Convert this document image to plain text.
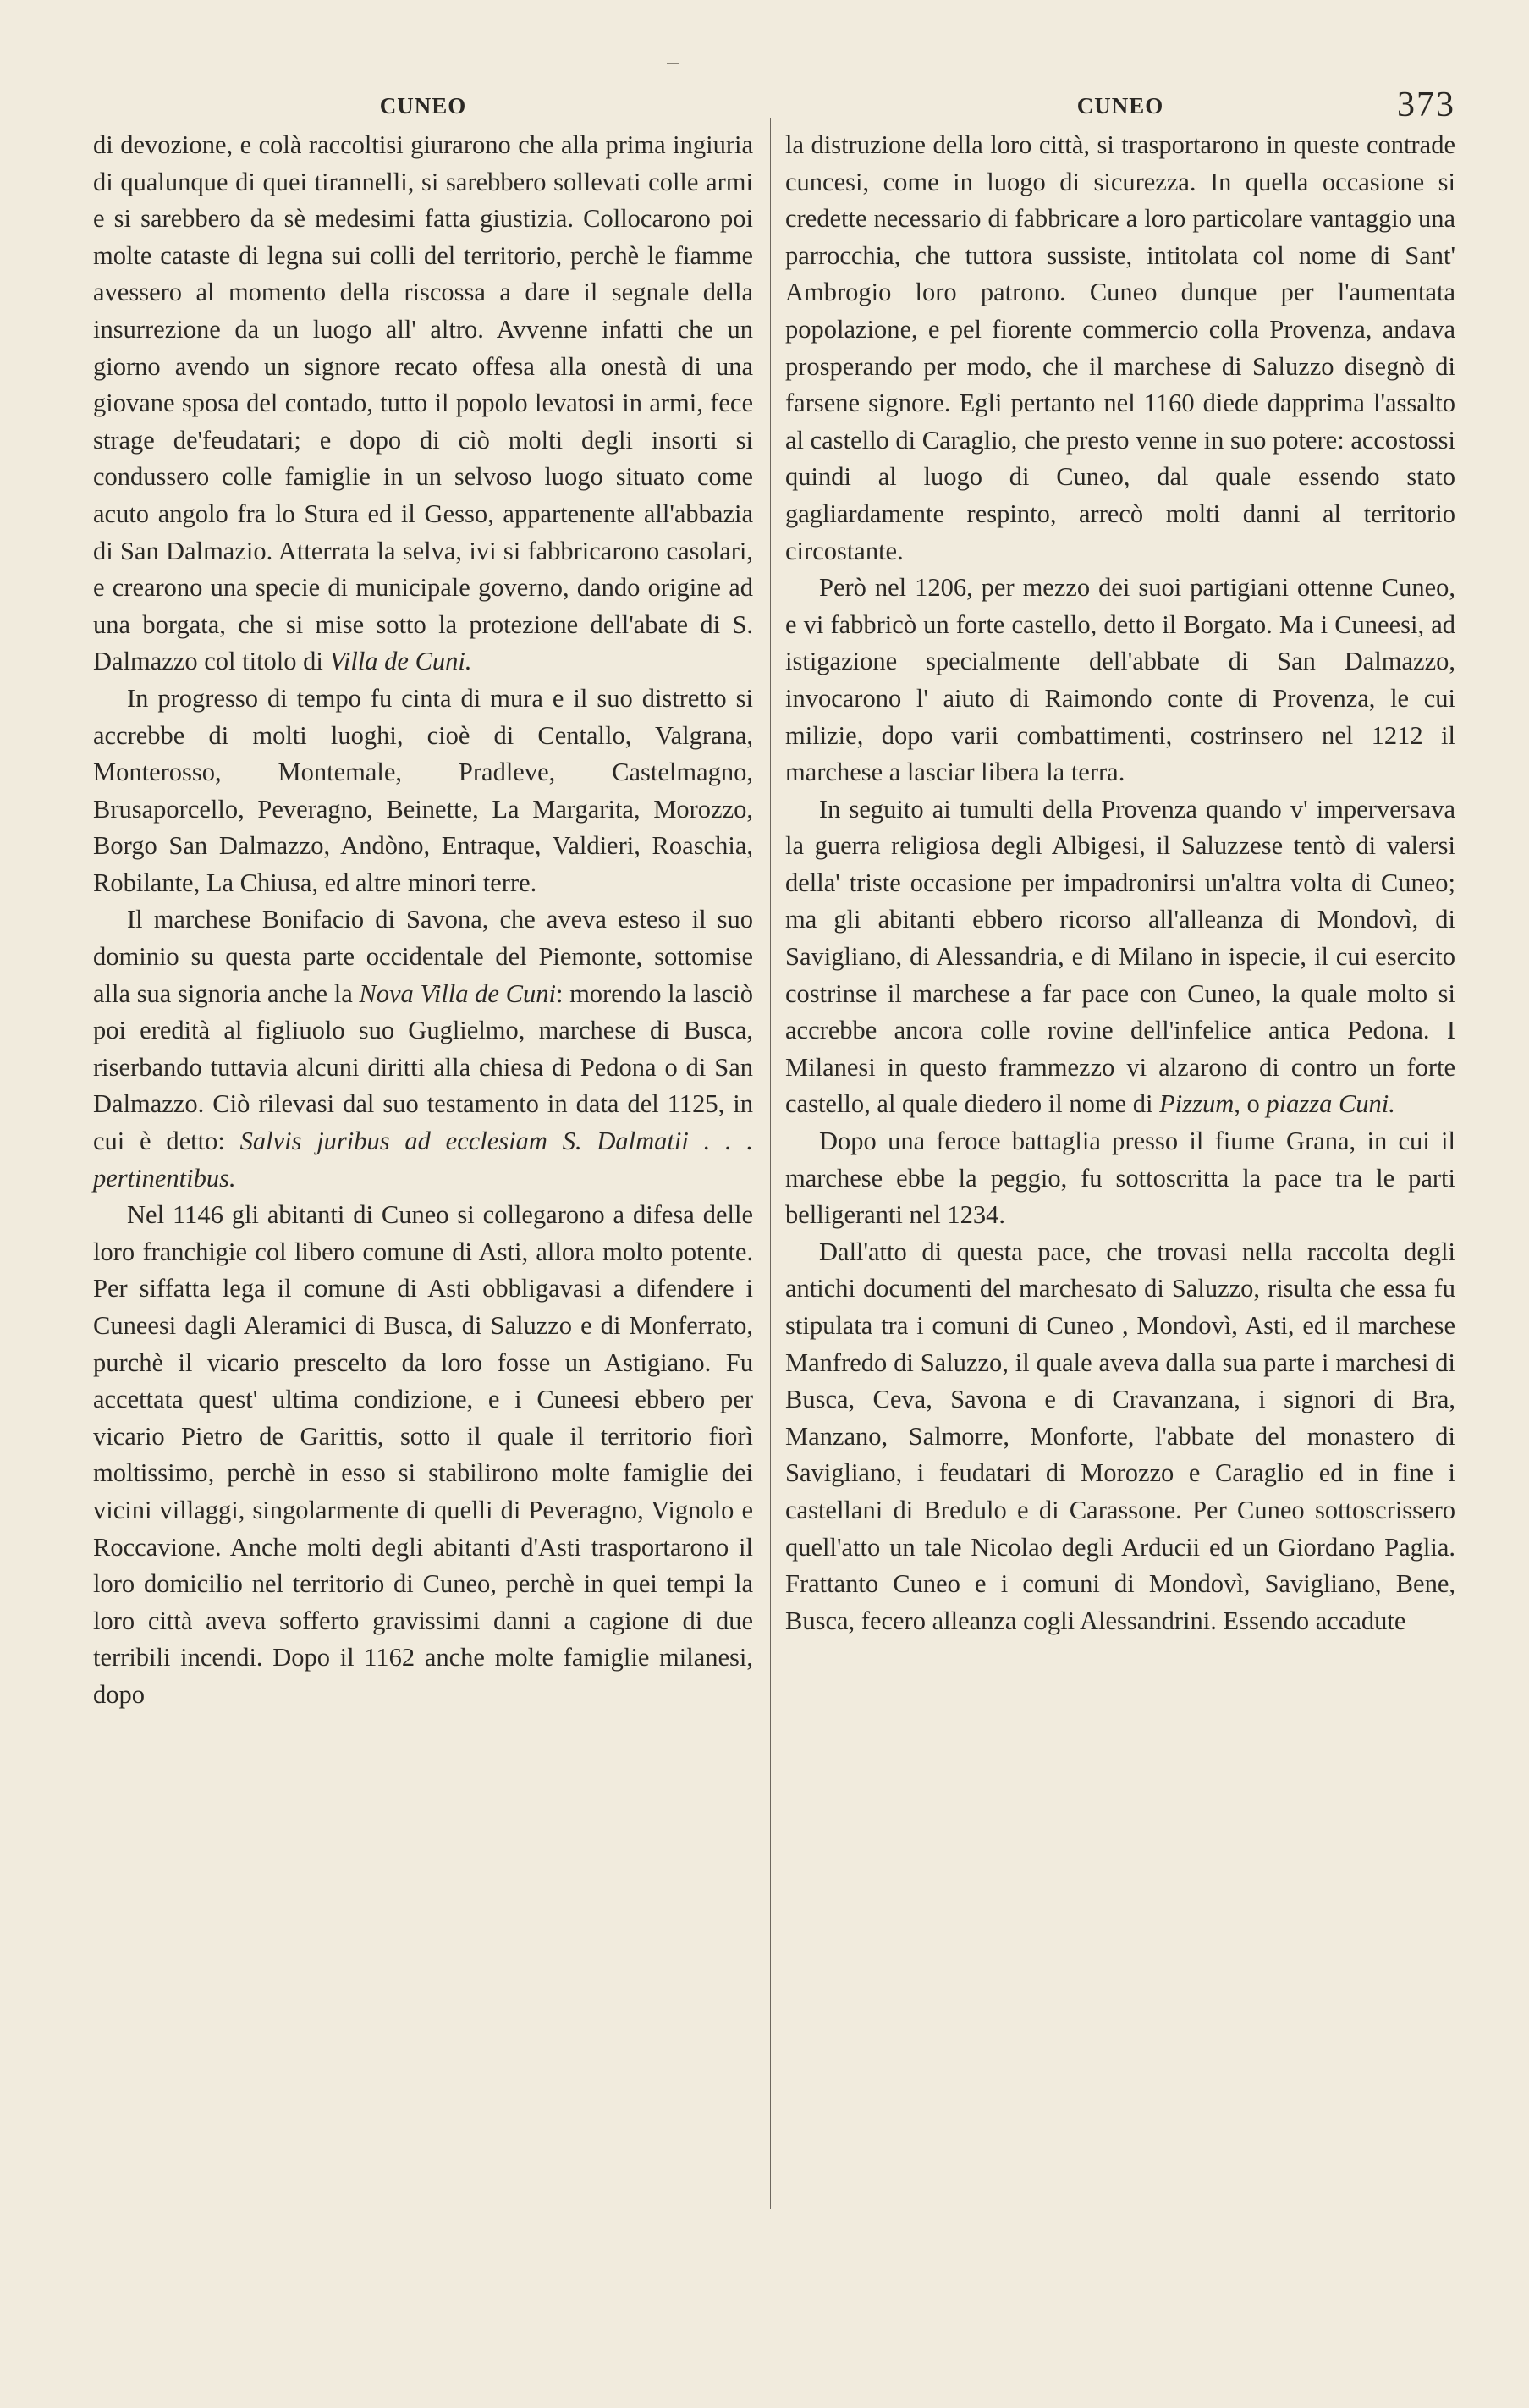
CUNEO

di devozione, e colà raccoltisi giurarono che alla prima ingiuria di qualunque di quei tirannelli, si sarebbero sollevati colle armi e si sarebbero da sè medesimi fatta giustizia. Collocarono poi molte cataste di legna sui colli del territorio, perchè le fiamme avessero al momento della riscossa a dare il segnale della insurrezione da un luogo all' altro. Avvenne infatti che un giorno avendo un signore recato offesa alla onestà di una giovane sposa del contado, tutto il popolo levatosi in armi, fece strage de'feudatari; e dopo di ciò molti degli insorti si condussero colle famiglie in un selvoso luogo situato come acuto angolo fra lo Stura ed il Gesso, appartenente all'abbazia di San Dalmazio. Atterrata la selva, ivi si fabbricarono casolari, e crearono una specie di municipale governo, dando origine ad una borgata, che si mise sotto la protezione dell'abate di S. Dalmazzo col titolo di Villa de Cuni.

In progresso di tempo fu cinta di mura e il suo distretto si accrebbe di molti luoghi, cioè di Centallo, Valgrana, Monterosso, Montemale, Pradleve, Castelmagno, Brusaporcello, Peveragno, Beinette, La Margarita, Morozzo, Borgo San Dalmazzo, Andòno, Entraque, Valdieri, Roaschia, Robilante, La Chiusa, ed altre minori terre.

Il marchese Bonifacio di Savona, che aveva esteso il suo dominio su questa parte occidentale del Piemonte, sottomise alla sua signoria anche la Nova Villa de Cuni: morendo la lasciò poi eredità al figliuolo suo Guglielmo, marchese di Busca, riserbando tuttavia alcuni diritti alla chiesa di Pedona o di San Dalmazzo. Ciò rilevasi dal suo testamento in data del 1125, in cui è detto: Salvis juribus ad ecclesiam S. Dalmatii . . . pertinentibus.

Nel 1146 gli abitanti di Cuneo si collegarono a difesa delle loro franchigie col libero comune di Asti, allora molto potente. Per siffatta lega il comune di Asti obbligavasi a difendere i Cuneesi dagli Aleramici di Busca, di Saluzzo e di Monferrato, purchè il vicario prescelto da loro fosse un Astigiano. Fu accettata quest' ultima condizione, e i Cuneesi ebbero per vicario Pietro de Garittis, sotto il quale il territorio fiorì moltissimo, perchè in esso si stabilirono molte famiglie dei vicini villaggi, singolarmente di quelli di Peveragno, Vignolo e Roccavione. Anche molti degli abitanti d'Asti trasportarono il loro domicilio nel territorio di Cuneo, perchè in quei tempi la loro città aveva sofferto gravissimi danni a cagione di due terribili incendi. Dopo il 1162 anche molte famiglie milanesi, dopo

CUNEO	373

la distruzione della loro città, si trasportarono in queste contrade cuncesi, come in luogo di sicurezza. In quella occasione si credette necessario di fabbricare a loro particolare vantaggio una parrocchia, che tuttora sussiste, intitolata col nome di Sant' Ambrogio loro patrono. Cuneo dunque per l'aumentata popolazione, e pel fiorente commercio colla Provenza, andava prosperando per modo, che il marchese di Saluzzo disegnò di farsene signore. Egli pertanto nel 1160 diede dapprima l'assalto al castello di Caraglio, che presto venne in suo potere: accostossi quindi al luogo di Cuneo, dal quale essendo stato gagliardamente respinto, arrecò molti danni al territorio circostante.

Però nel 1206, per mezzo dei suoi partigiani ottenne Cuneo, e vi fabbricò un forte castello, detto il Borgato. Ma i Cuneesi, ad istigazione specialmente dell'abbate di San Dalmazzo, invocarono l' aiuto di Raimondo conte di Provenza, le cui milizie, dopo varii combattimenti, costrinsero nel 1212 il marchese a lasciar libera la terra.

In seguito ai tumulti della Provenza quando v' imperversava la guerra religiosa degli Albigesi, il Saluzzese tentò di valersi della' triste occasione per impadronirsi un'altra volta di Cuneo; ma gli abitanti ebbero ricorso all'alleanza di Mondovì, di Savigliano, di Alessandria, e di Milano in ispecie, il cui esercito costrinse il marchese a far pace con Cuneo, la quale molto si accrebbe ancora colle rovine dell'infelice antica Pedona. I Milanesi in questo frammezzo vi alzarono di contro un forte castello, al quale diedero il nome di Pizzum, o piazza Cuni.

Dopo una feroce battaglia presso il fiume Grana, in cui il marchese ebbe la peggio, fu sottoscritta la pace tra le parti belligeranti nel 1234.

Dall'atto di questa pace, che trovasi nella raccolta degli antichi documenti del marchesato di Saluzzo, risulta che essa fu stipulata tra i comuni di Cuneo , Mondovì, Asti, ed il marchese Manfredo di Saluzzo, il quale aveva dalla sua parte i marchesi di Busca, Ceva, Savona e di Cravanzana, i signori di Bra, Manzano, Salmorre, Monforte, l'abbate del monastero di Savigliano, i feudatari di Morozzo e Caraglio ed in fine i castellani di Bredulo e di Carassone. Per Cuneo sottoscrissero quell'atto un tale Nicolao degli Arducii ed un Giordano Paglia. Frattanto Cuneo e i comuni di Mondovì, Savigliano, Bene, Busca, fecero alleanza cogli Alessandrini. Essendo accadute
